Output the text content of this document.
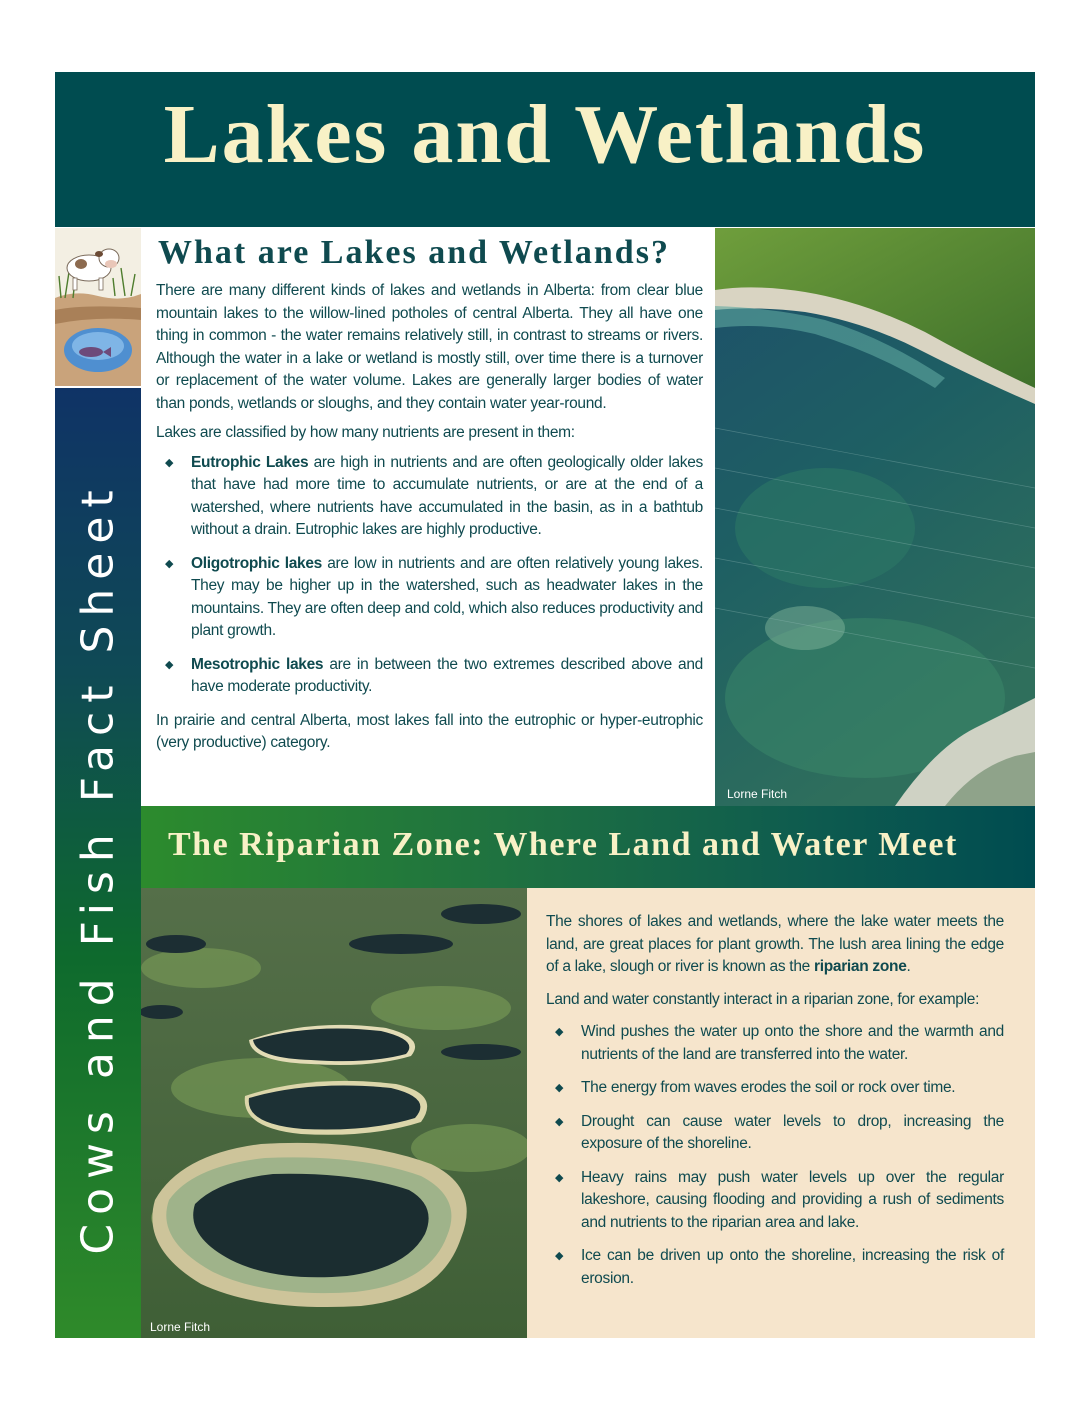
Lakes and Wetlands
Cows and Fish Fact Sheet
What are Lakes and Wetlands?

There are many different kinds of lakes and wetlands in Alberta: from clear blue mountain lakes to the willow-lined potholes of central Alberta. They all have one thing in common - the water remains relatively still, in contrast to streams or rivers. Although the water in a lake or wetland is mostly still, over time there is a turnover or replacement of the water volume. Lakes are generally larger bodies of water than ponds, wetlands or sloughs, and they contain water year-round.

Lakes are classified by how many nutrients are present in them:

◆ Eutrophic Lakes are high in nutrients and are often geologically older lakes that have had more time to accumulate nutrients, or are at the end of a watershed, where nutrients have accumulated in the basin, as in a bathtub without a drain. Eutrophic lakes are highly productive.
◆ Oligotrophic lakes are low in nutrients and are often relatively young lakes. They may be higher up in the watershed, such as headwater lakes in the mountains. They are often deep and cold, which also reduces productivity and plant growth.
◆ Mesotrophic lakes are in between the two extremes described above and have moderate productivity.

In prairie and central Alberta, most lakes fall into the eutrophic or hyper-eutrophic (very productive) category.

Lorne Fitch
The Riparian Zone: Where Land and Water Meet
Lorne Fitch

The shores of lakes and wetlands, where the lake water meets the land, are great places for plant growth. The lush area lining the edge of a lake, slough or river is known as the riparian zone.

Land and water constantly interact in a riparian zone, for example:

◆ Wind pushes the water up onto the shore and the warmth and nutrients of the land are transferred into the water.
◆ The energy from waves erodes the soil or rock over time.
◆ Drought can cause water levels to drop, increasing the exposure of the shoreline.
◆ Heavy rains may push water levels up over the regular lakeshore, causing flooding and providing a rush of sediments and nutrients to the riparian area and lake.
◆ Ice can be driven up onto the shoreline, increasing the risk of erosion.
